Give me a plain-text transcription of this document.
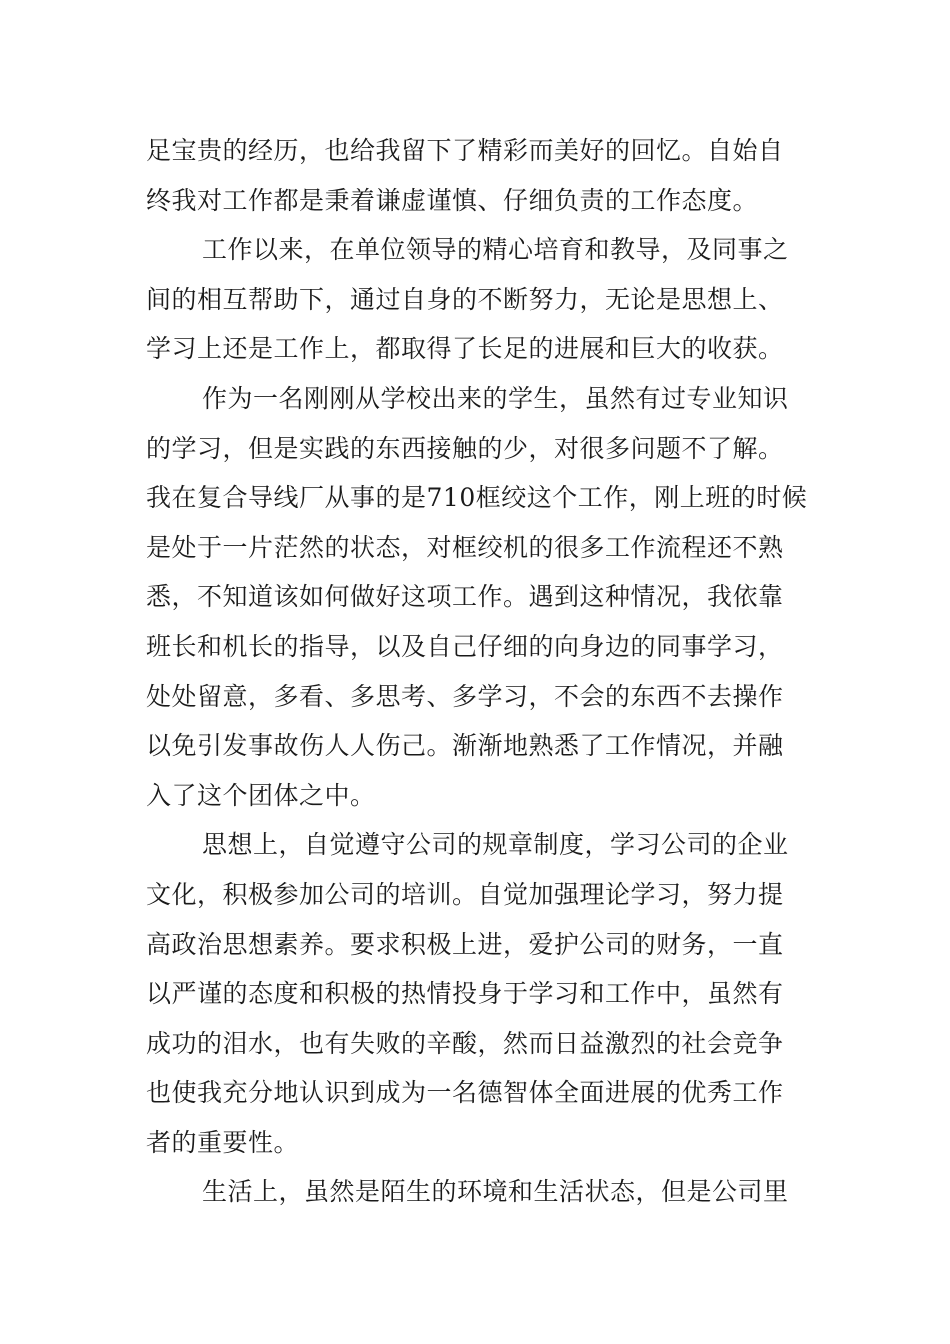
足宝贵的经历，也给我留下了精彩而美好的回忆。自始自
终我对工作都是秉着谦虚谨慎、仔细负责的工作态度。
工作以来，在单位领导的精心培育和教导，及同事之
间的相互帮助下，通过自身的不断努力，无论是思想上、
学习上还是工作上，都取得了长足的进展和巨大的收获。
作为一名刚刚从学校出来的学生，虽然有过专业知识
的学习，但是实践的东西接触的少，对很多问题不了解。
我在复合导线厂从事的是710框绞这个工作，刚上班的时候
是处于一片茫然的状态，对框绞机的很多工作流程还不熟
悉，不知道该如何做好这项工作。遇到这种情况，我依靠
班长和机长的指导，以及自己仔细的向身边的同事学习，
处处留意，多看、多思考、多学习，不会的东西不去操作
以免引发事故伤人人伤己。渐渐地熟悉了工作情况，并融
入了这个团体之中。
思想上，自觉遵守公司的规章制度，学习公司的企业
文化，积极参加公司的培训。自觉加强理论学习，努力提
高政治思想素养。要求积极上进，爱护公司的财务，一直
以严谨的态度和积极的热情投身于学习和工作中，虽然有
成功的泪水，也有失败的辛酸，然而日益激烈的社会竞争
也使我充分地认识到成为一名德智体全面进展的优秀工作
者的重要性。
生活上，虽然是陌生的环境和生活状态，但是公司里
